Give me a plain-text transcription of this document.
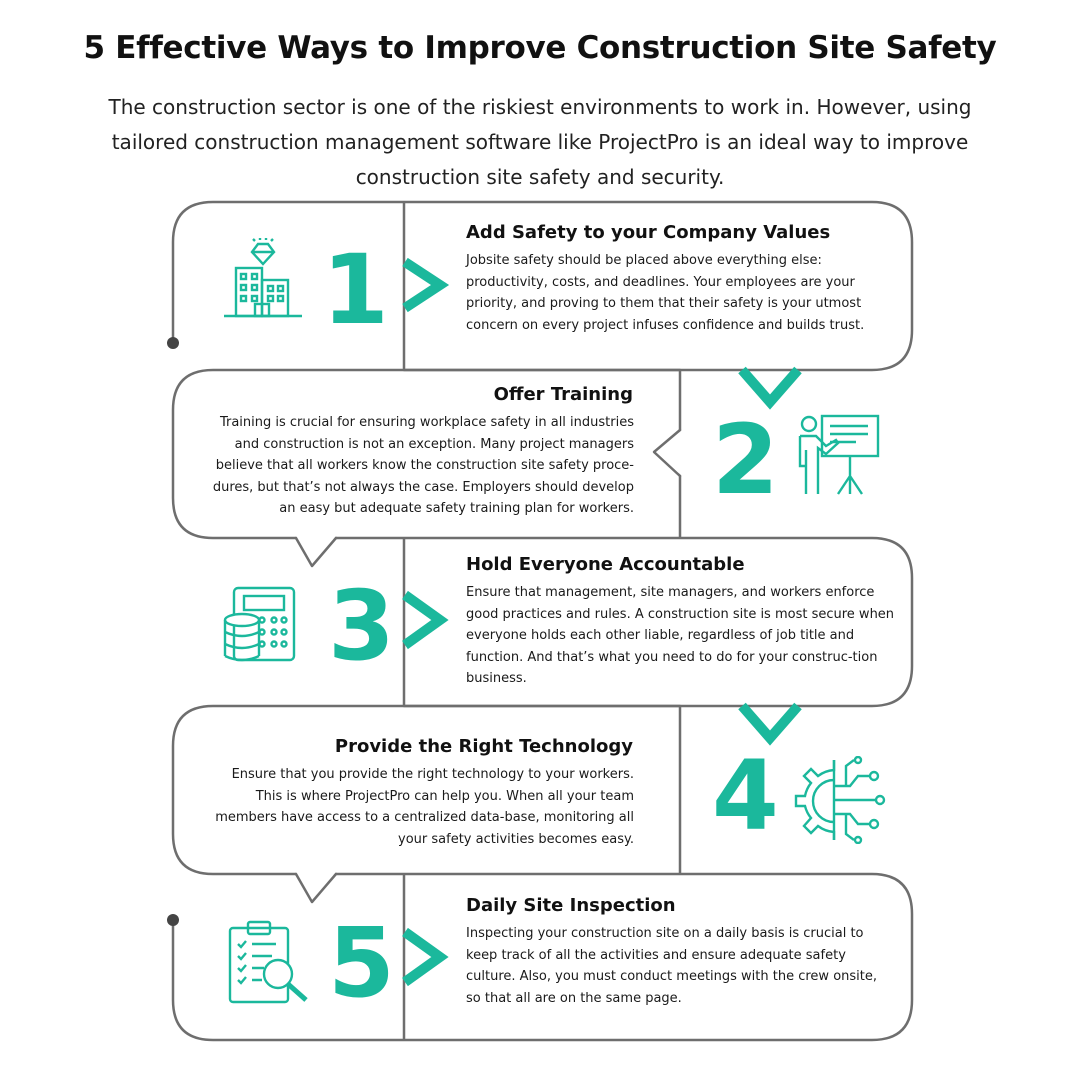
5 Effective Ways to Improve Construction Site Safety
The construction sector is one of the riskiest environments to work in. However, using tailored construction management software like ProjectPro is an ideal way to improve construction site safety and security.
1
Add Safety to your Company Values
Jobsite safety should be placed above everything else: productivity, costs, and deadlines. Your employees are your priority, and proving to them that their safety is your utmost concern on every project infuses confidence and builds trust.
Offer Training
Training is crucial for ensuring workplace safety in all industries and construction is not an exception. Many project managers believe that all workers know the construction site safety proce-dures, but that’s not always the case. Employers should develop an easy but adequate safety training plan for workers. 2
3
Hold Everyone Accountable
Ensure that management, site managers, and workers enforce good practices and rules. A construction site is most secure when everyone holds each other liable, regardless of job title and function. And that’s what you need to do for your construc-tion business.
Provide the Right Technology
Ensure that you provide the right technology to your workers. This is where ProjectPro can help you. When all your team members have access to a centralized data-base, monitoring all your safety activities becomes easy. 4
5
Daily Site Inspection
Inspecting your construction site on a daily basis is crucial to keep track of all the activities and ensure adequate safety culture. Also, you must conduct meetings with the crew onsite, so that all are on the same page.
